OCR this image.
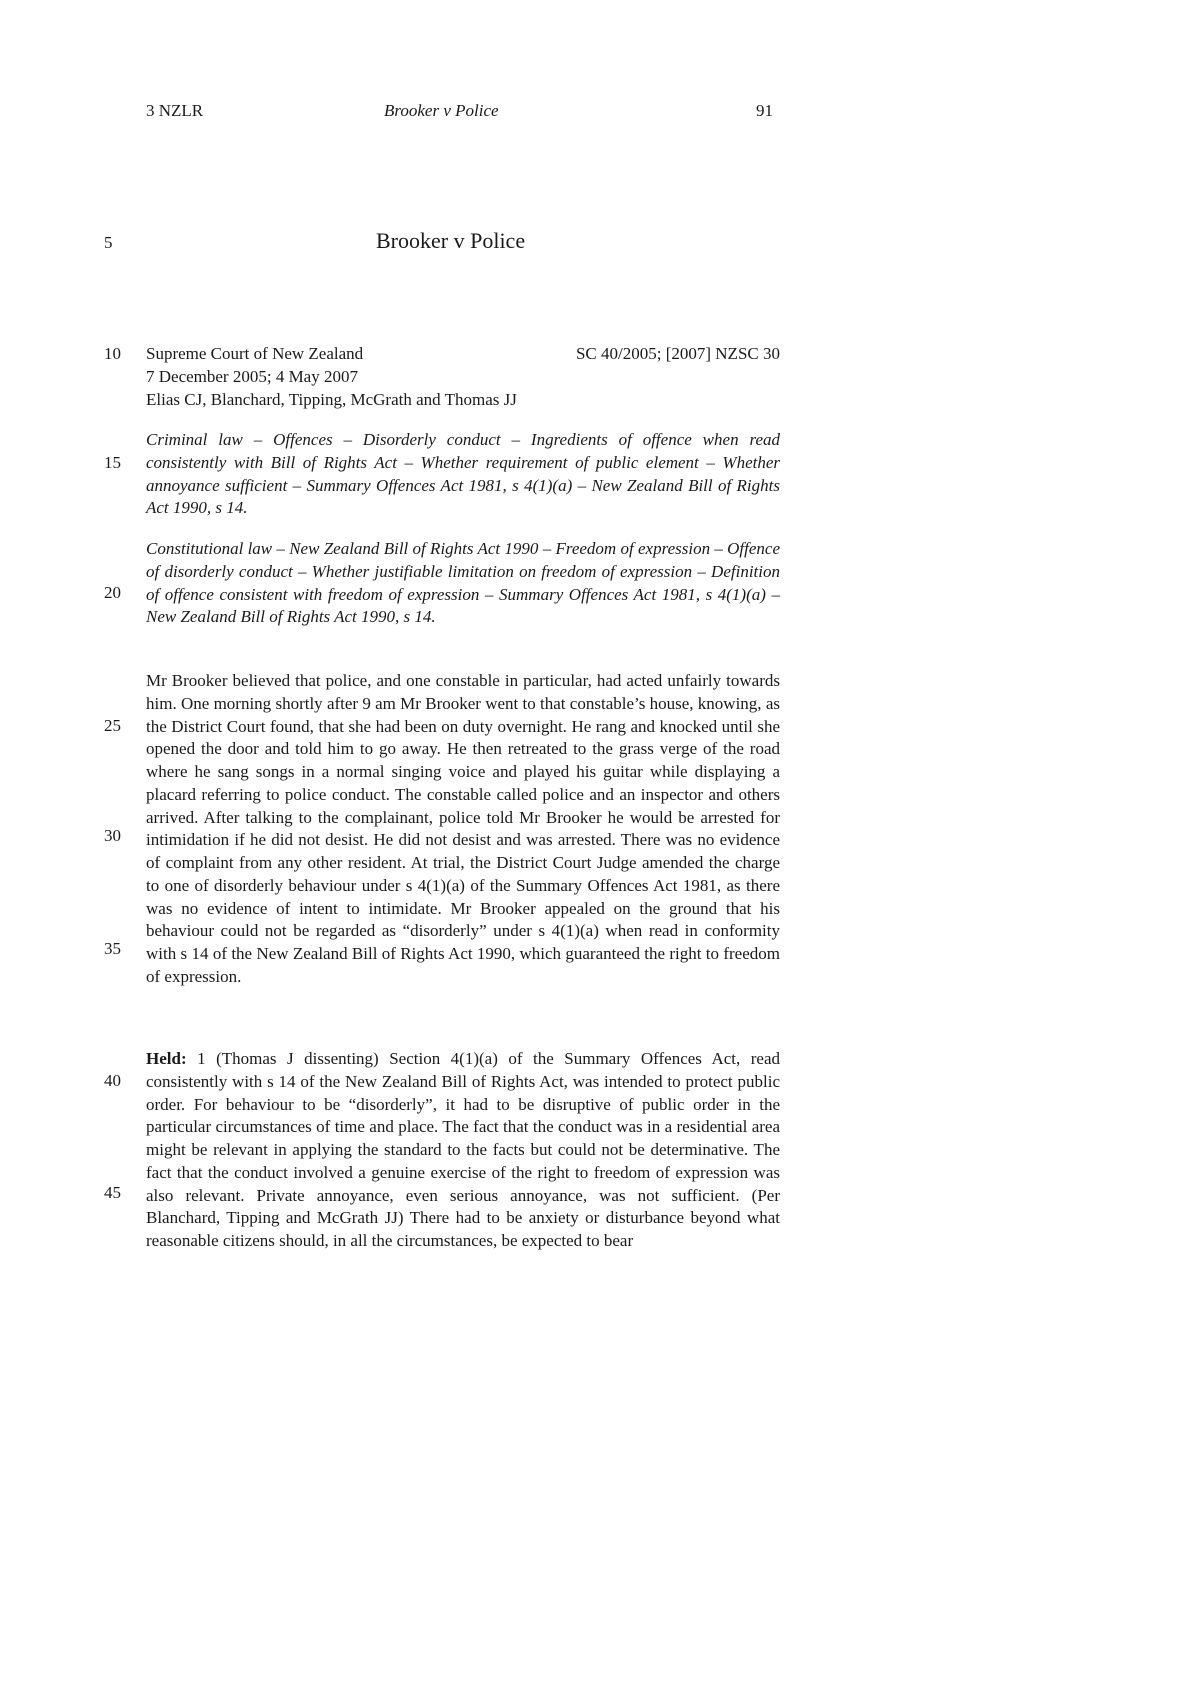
3 NZLR	Brooker v Police	91
5
10
15
20
25
30
35
40
45
Brooker v Police
Supreme Court of New Zealand	SC 40/2005; [2007] NZSC 30
7 December 2005; 4 May 2007
Elias CJ, Blanchard, Tipping, McGrath and Thomas JJ
Criminal law – Offences – Disorderly conduct – Ingredients of offence when read consistently with Bill of Rights Act – Whether requirement of public element – Whether annoyance sufficient – Summary Offences Act 1981, s 4(1)(a) – New Zealand Bill of Rights Act 1990, s 14.
Constitutional law – New Zealand Bill of Rights Act 1990 – Freedom of expression – Offence of disorderly conduct – Whether justifiable limitation on freedom of expression – Definition of offence consistent with freedom of expression – Summary Offences Act 1981, s 4(1)(a) – New Zealand Bill of Rights Act 1990, s 14.
Mr Brooker believed that police, and one constable in particular, had acted unfairly towards him. One morning shortly after 9 am Mr Brooker went to that constable’s house, knowing, as the District Court found, that she had been on duty overnight. He rang and knocked until she opened the door and told him to go away. He then retreated to the grass verge of the road where he sang songs in a normal singing voice and played his guitar while displaying a placard referring to police conduct. The constable called police and an inspector and others arrived. After talking to the complainant, police told Mr Brooker he would be arrested for intimidation if he did not desist. He did not desist and was arrested. There was no evidence of complaint from any other resident. At trial, the District Court Judge amended the charge to one of disorderly behaviour under s 4(1)(a) of the Summary Offences Act 1981, as there was no evidence of intent to intimidate. Mr Brooker appealed on the ground that his behaviour could not be regarded as “disorderly” under s 4(1)(a) when read in conformity with s 14 of the New Zealand Bill of Rights Act 1990, which guaranteed the right to freedom of expression.
Held: 1 (Thomas J dissenting) Section 4(1)(a) of the Summary Offences Act, read consistently with s 14 of the New Zealand Bill of Rights Act, was intended to protect public order. For behaviour to be “disorderly”, it had to be disruptive of public order in the particular circumstances of time and place. The fact that the conduct was in a residential area might be relevant in applying the standard to the facts but could not be determinative. The fact that the conduct involved a genuine exercise of the right to freedom of expression was also relevant. Private annoyance, even serious annoyance, was not sufficient. (Per Blanchard, Tipping and McGrath JJ) There had to be anxiety or disturbance beyond what reasonable citizens should, in all the circumstances, be expected to bear
